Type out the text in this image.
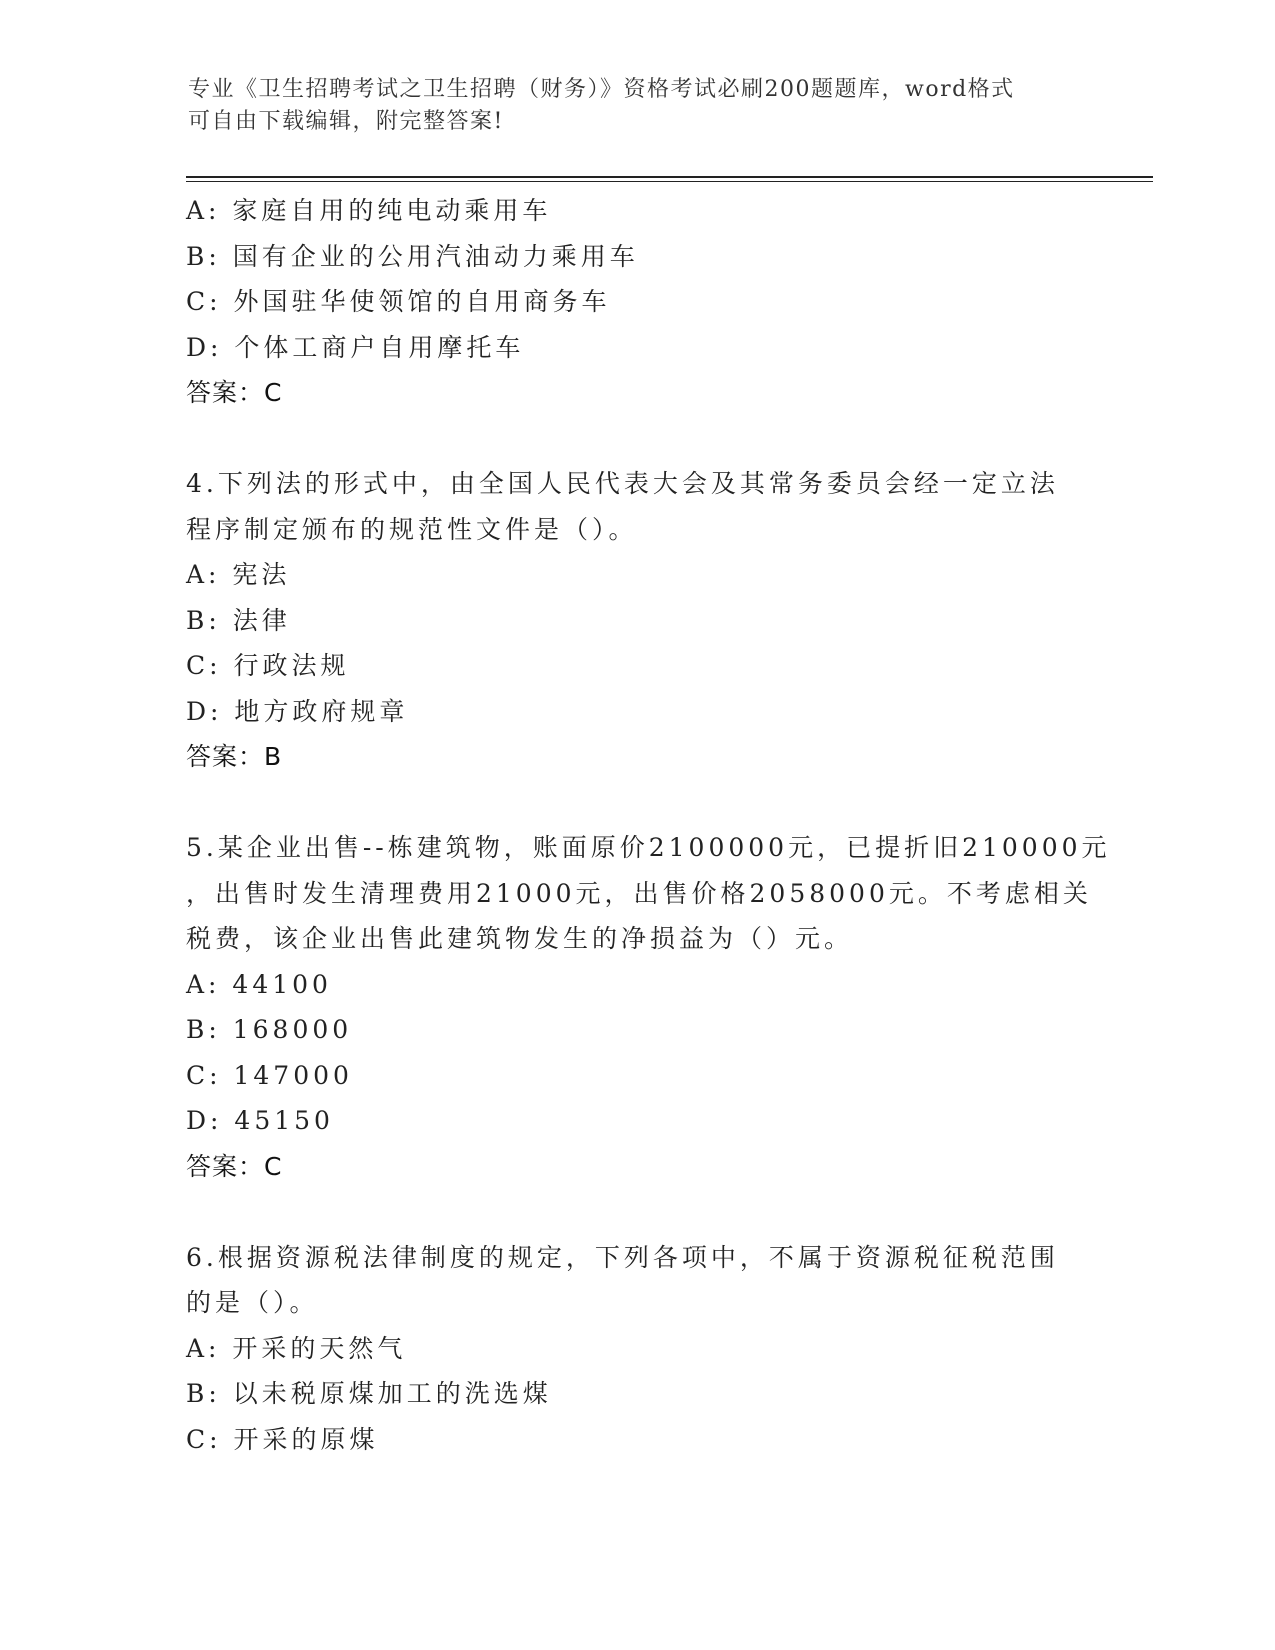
专业《卫生招聘考试之卫生招聘（财务）》资格考试必刷200题题库，word格式
可自由下载编辑，附完整答案!
A: 家庭自用的纯电动乘用车
B: 国有企业的公用汽油动力乘用车
C: 外国驻华使领馆的自用商务车
D: 个体工商户自用摩托车
答案：C
4.下列法的形式中，由全国人民代表大会及其常务委员会经一定立法
程序制定颁布的规范性文件是（）。
A: 宪法
B: 法律
C: 行政法规
D: 地方政府规章
答案：B
5.某企业出售--栋建筑物，账面原价2100000元，已提折旧210000元
，出售时发生清理费用21000元，出售价格2058000元。不考虑相关
税费，该企业出售此建筑物发生的净损益为（）元。
A: 44100
B: 168000
C: 147000
D: 45150
答案：C
6.根据资源税法律制度的规定，下列各项中，不属于资源税征税范围
的是（）。
A: 开采的天然气
B: 以未税原煤加工的洗选煤
C: 开采的原煤
